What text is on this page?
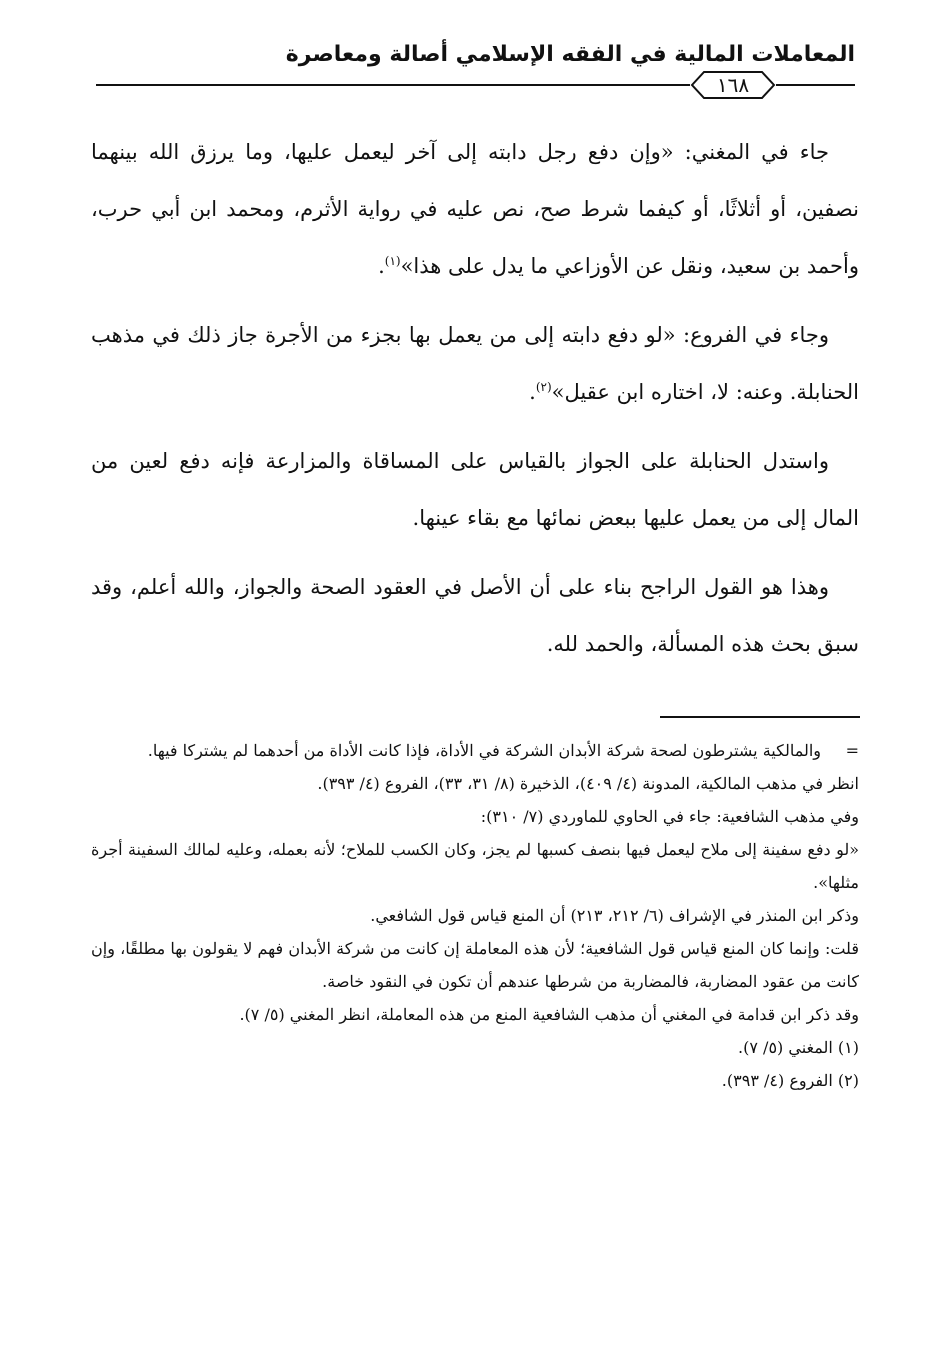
المعاملات المالية في الفقه الإسلامي أصالة ومعاصرة
١٦٨

جاء في المغني: «وإن دفع رجل دابته إلى آخر ليعمل عليها، وما يرزق الله بينهما نصفين، أو أثلاثًا، أو كيفما شرط صح، نص عليه في رواية الأثرم، ومحمد ابن أبي حرب، وأحمد بن سعيد، ونقل عن الأوزاعي ما يدل على هذا»$^{(١)}$.

وجاء في الفروع: «لو دفع دابته إلى من يعمل بها بجزء من الأجرة جاز ذلك في مذهب الحنابلة. وعنه: لا، اختاره ابن عقيل»$^{(٢)}$.

واستدل الحنابلة على الجواز بالقياس على المساقاة والمزارعة فإنه دفع لعين من المال إلى من يعمل عليها ببعض نمائها مع بقاء عينها.

وهذا هو القول الراجح بناء على أن الأصل في العقود الصحة والجواز، والله أعلم، وقد سبق بحث هذه المسألة، والحمد لله.

=
والمالكية يشترطون لصحة شركة الأبدان الشركة في الأداة، فإذا كانت الأداة من أحدهما لم يشتركا فيها.

انظر في مذهب المالكية، المدونة (٤/ ٤٠٩)، الذخيرة (٨/ ٣١، ٣٣)، الفروع (٤/ ٣٩٣).

وفي مذهب الشافعية: جاء في الحاوي للماوردي (٧/ ٣١٠):

«لو دفع سفينة إلى ملاح ليعمل فيها بنصف كسبها لم يجز، وكان الكسب للملاح؛ لأنه بعمله، وعليه لمالك السفينة أجرة مثلها».

وذكر ابن المنذر في الإشراف (٦/ ٢١٢، ٢١٣) أن المنع قياس قول الشافعي.

قلت: وإنما كان المنع قياس قول الشافعية؛ لأن هذه المعاملة إن كانت من شركة الأبدان فهم لا يقولون بها مطلقًا، وإن كانت من عقود المضاربة، فالمضاربة من شرطها عندهم أن تكون في النقود خاصة.

وقد ذكر ابن قدامة في المغني أن مذهب الشافعية المنع من هذه المعاملة، انظر المغني (٥/ ٧).

(١) المغني (٥/ ٧).

(٢) الفروع (٤/ ٣٩٣).
